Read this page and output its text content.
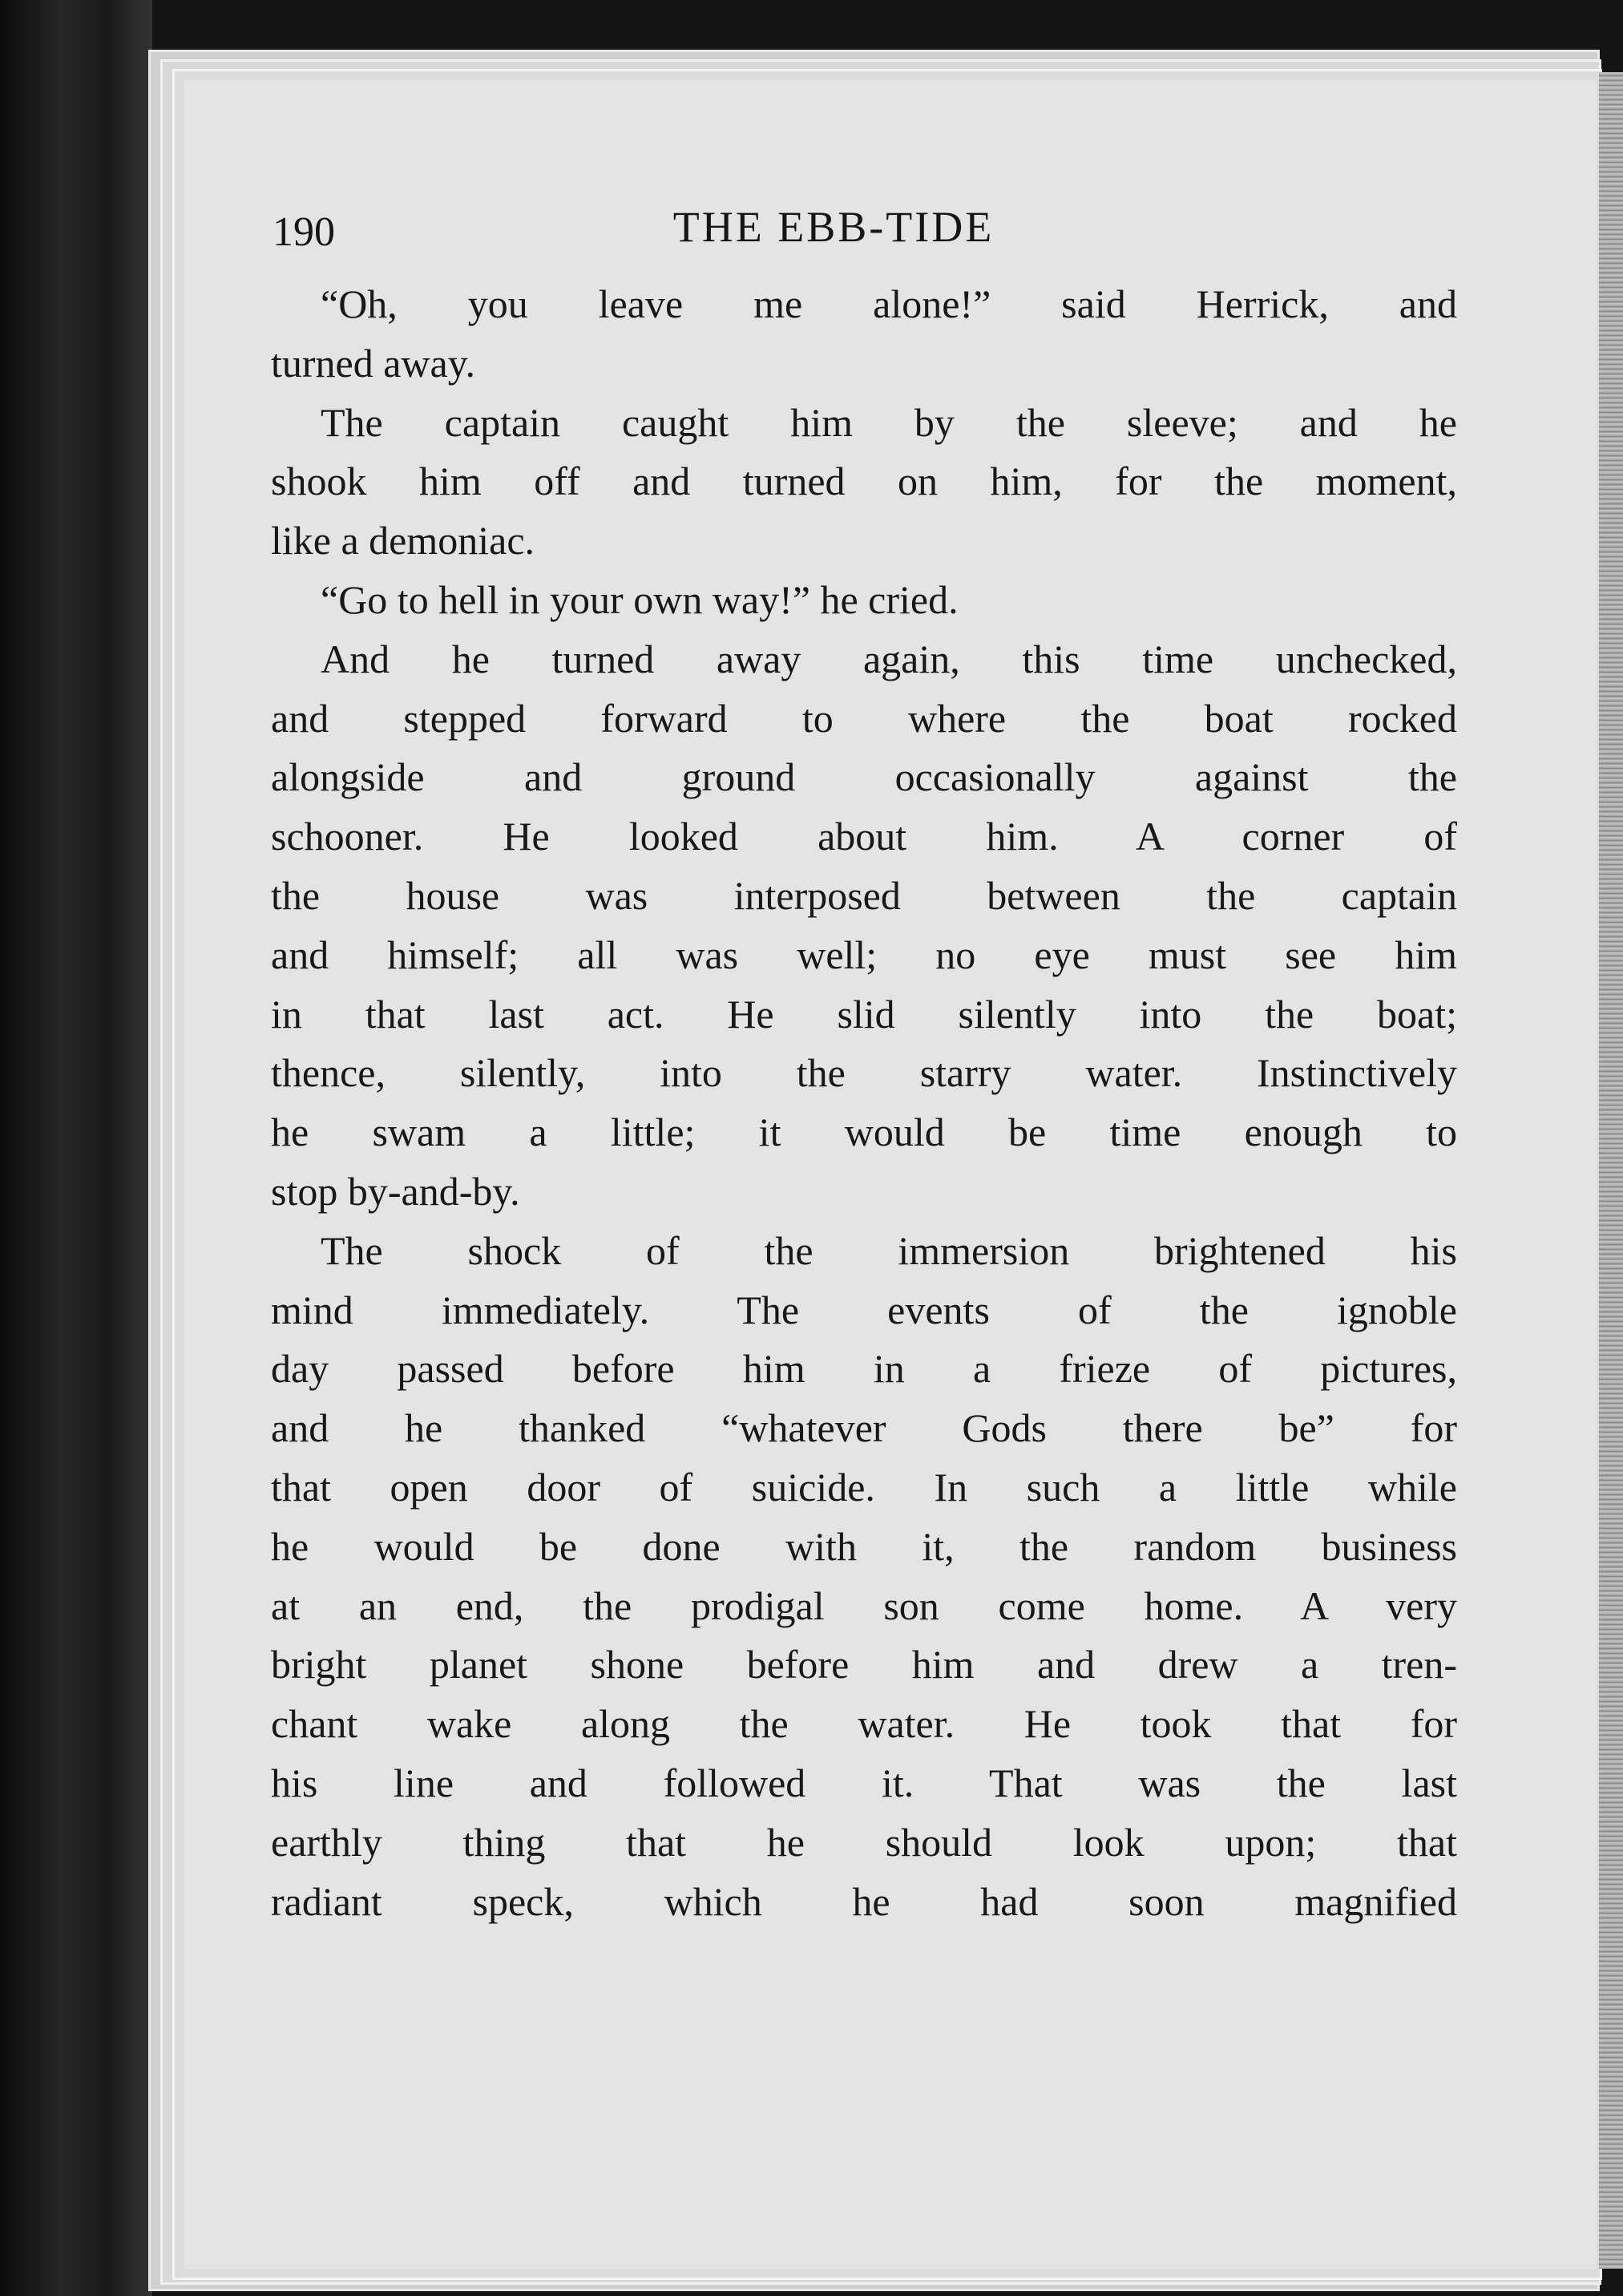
190	THE EBB-TIDE
“Oh, you leave me alone!” said Herrick, and
turned away.
The captain caught him by the sleeve; and he
shook him off and turned on him, for the moment,
like a demoniac.
“Go to hell in your own way!” he cried.
And he turned away again, this time unchecked,
and stepped forward to where the boat rocked
alongside and ground occasionally against the
schooner. He looked about him. A corner of
the house was interposed between the captain
and himself; all was well; no eye must see him
in that last act. He slid silently into the boat;
thence, silently, into the starry water. Instinctively
he swam a little; it would be time enough to
stop by-and-by.
The shock of the immersion brightened his
mind immediately. The events of the ignoble
day passed before him in a frieze of pictures,
and he thanked “whatever Gods there be” for
that open door of suicide. In such a little while
he would be done with it, the random business
at an end, the prodigal son come home. A very
bright planet shone before him and drew a tren-
chant wake along the water. He took that for
his line and followed it. That was the last
earthly thing that he should look upon; that
radiant speck, which he had soon magnified
